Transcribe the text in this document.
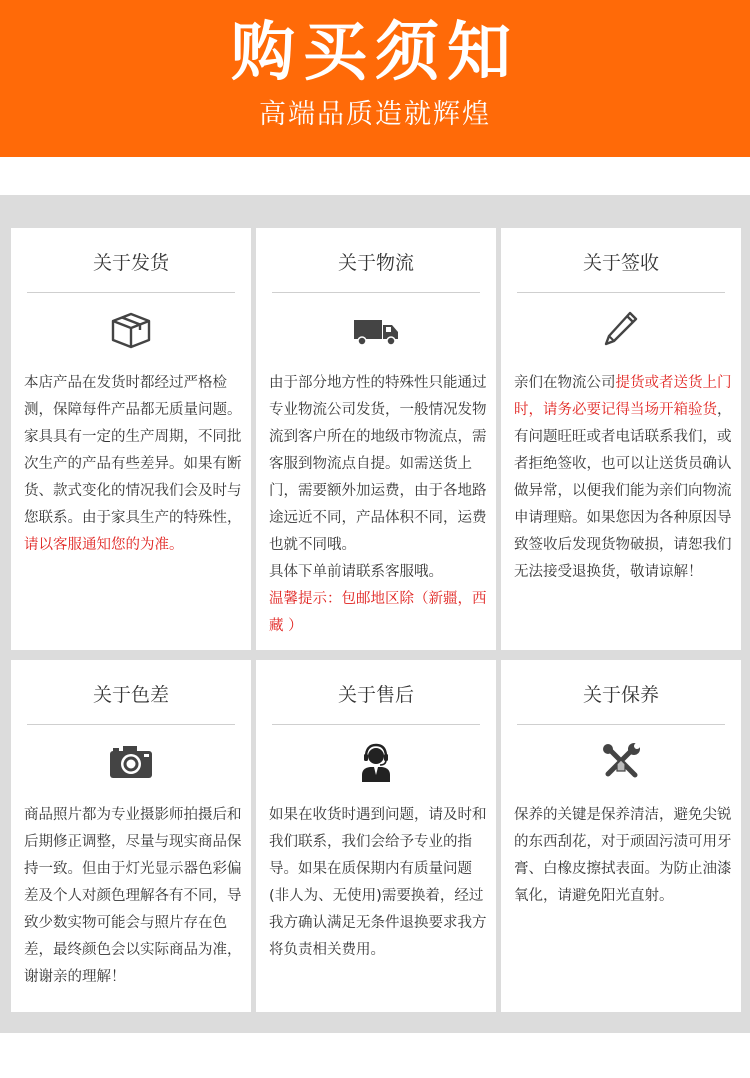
购买须知
高端品质造就辉煌
关于发货
本店产品在发货时都经过严格检测，保障每件产品都无质量问题。家具具有一定的生产周期，不同批次生产的产品有些差异。如果有断货、款式变化的情况我们会及时与您联系。由于家具生产的特殊性，请以客服通知您的为准。
关于物流
由于部分地方性的特殊性只能通过专业物流公司发货，一般情况发物流到客户所在的地级市物流点，需客服到物流点自提。如需送货上门，需要额外加运费，由于各地路途远近不同，产品体积不同，运费也就不同哦。
具体下单前请联系客服哦。
温馨提示：包邮地区除（新疆，西藏 ）
关于签收
亲们在物流公司提货或者送货上门时，请务必要记得当场开箱验货，有问题旺旺或者电话联系我们，或者拒绝签收，也可以让送货员确认做异常，以便我们能为亲们向物流申请理赔。如果您因为各种原因导致签收后发现货物破损，请恕我们无法接受退换货，敬请谅解！
关于色差
商品照片都为专业摄影师拍摄后和后期修正调整，尽量与现实商品保持一致。但由于灯光显示器色彩偏差及个人对颜色理解各有不同，导致少数实物可能会与照片存在色差，最终颜色会以实际商品为准，谢谢亲的理解！
关于售后
如果在收货时遇到问题，请及时和我们联系，我们会给予专业的指导。如果在质保期内有质量问题(非人为、无使用)需要换着，经过我方确认满足无条件退换要求我方将负责相关费用。
关于保养
保养的关键是保养清洁，避免尖锐的东西刮花，对于顽固污渍可用牙膏、白橡皮擦拭表面。为防止油漆氧化，请避免阳光直射。
